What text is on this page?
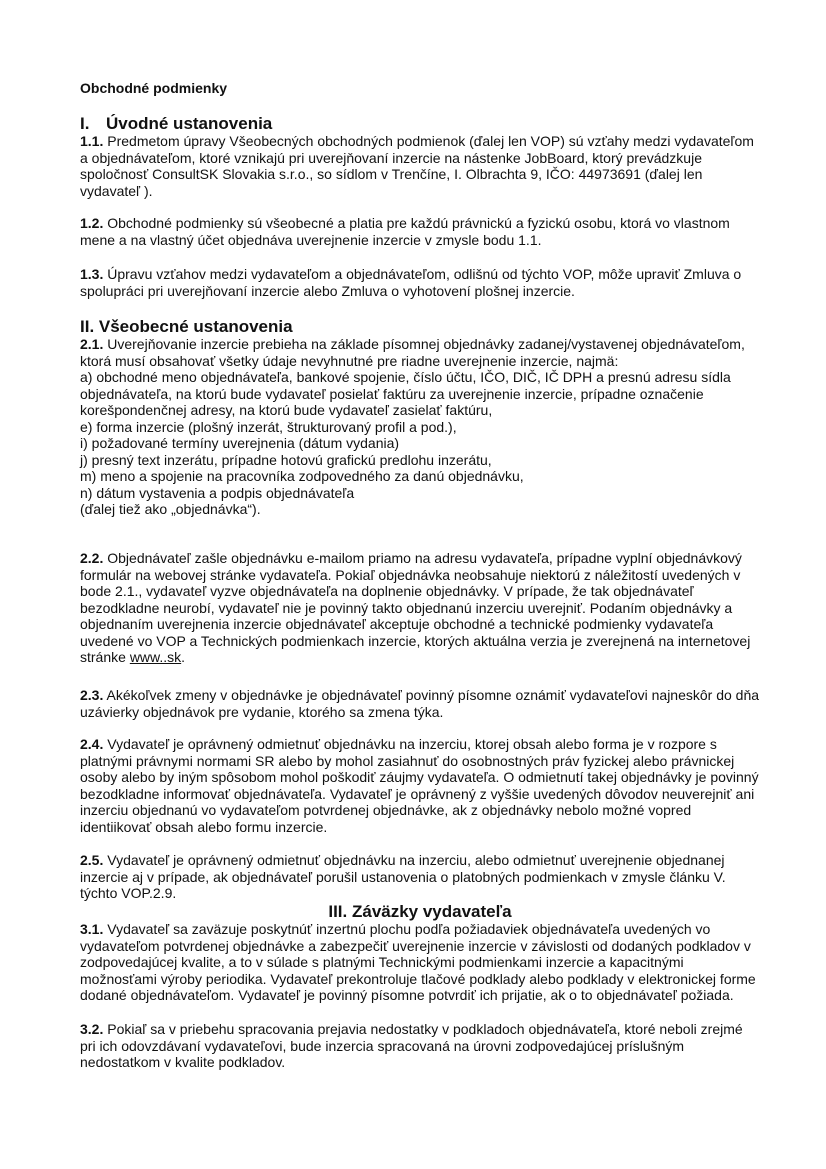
Obchodné podmienky
I. Úvodné ustanovenia
1.1. Predmetom úpravy Všeobecných obchodných podmienok (ďalej len VOP) sú vzťahy medzi vydavateľom a objednávateľom, ktoré vznikajú pri uverejňovaní inzercie na nástenke JobBoard, ktorý prevádzkuje spoločnosť ConsultSK Slovakia s.r.o., so sídlom v Trenčíne, I. Olbrachta 9, IČO: 44973691 (ďalej len vydavateľ ).
1.2. Obchodné podmienky sú všeobecné a platia pre každú právnickú a fyzickú osobu, ktorá vo vlastnom mene a na vlastný účet objednáva uverejnenie inzercie v zmysle bodu 1.1.
1.3. Úpravu vzťahov medzi vydavateľom a objednávateľom, odlišnú od týchto VOP, môže upraviť Zmluva o spolupráci pri uverejňovaní inzercie alebo Zmluva o vyhotovení plošnej inzercie.
II. Všeobecné ustanovenia
2.1. Uverejňovanie inzercie prebieha na základe písomnej objednávky zadanej/vystavenej objednávateľom, ktorá musí obsahovať všetky údaje nevyhnutné pre riadne uverejnenie inzercie, najmä:
a) obchodné meno objednávateľa, bankové spojenie, číslo účtu, IČO, DIČ, IČ DPH a presnú adresu sídla objednávateľa, na ktorú bude vydavateľ posielať faktúru za uverejnenie inzercie, prípadne označenie korešpondenčnej adresy, na ktorú bude vydavateľ zasielať faktúru,
e) forma inzercie (plošný inzerát, štrukturovaný profil a pod.),
i) požadované termíny uverejnenia (dátum vydania)
j) presný text inzerátu, prípadne hotovú grafickú predlohu inzerátu,
m) meno a spojenie na pracovníka zodpovedného za danú objednávku,
n) dátum vystavenia a podpis objednávateľa
(ďalej tiež ako „objednávka“).
2.2. Objednávateľ zašle objednávku e-mailom priamo na adresu vydavateľa, prípadne vyplní objednávkový formulár na webovej stránke vydavateľa. Pokiaľ objednávka neobsahuje niektorú z náležitostí uvedených v bode 2.1., vydavateľ vyzve objednávateľa na doplnenie objednávky. V prípade, že tak objednávateľ bezodkladne neurobí, vydavateľ nie je povinný takto objednanú inzerciu uverejniť. Podaním objednávky a objednaním uverejnenia inzercie objednávateľ akceptuje obchodné a technické podmienky vydavateľa uvedené vo VOP a Technických podmienkach inzercie, ktorých aktuálna verzia je zverejnená na internetovej stránke www..sk.
2.3. Akékoľvek zmeny v objednávke je objednávateľ povinný písomne oznámiť vydavateľovi najneskôr do dňa uzávierky objednávok pre vydanie, ktorého sa zmena týka.
2.4. Vydavateľ je oprávnený odmietnuť objednávku na inzerciu, ktorej obsah alebo forma je v rozpore s platnými právnymi normami SR alebo by mohol zasiahnuť do osobnostných práv fyzickej alebo právnickej osoby alebo by iným spôsobom mohol poškodiť záujmy vydavateľa. O odmietnutí takej objednávky je povinný bezodkladne informovať objednávateľa. Vydavateľ je oprávnený z vyššie uvedených dôvodov neuverejniť ani inzerciu objednanú vo vydavateľom potvrdenej objednávke, ak z objednávky nebolo možné vopred identiikovať obsah alebo formu inzercie.
2.5. Vydavateľ je oprávnený odmietnuť objednávku na inzerciu, alebo odmietnuť uverejnenie objednanej inzercie aj v prípade, ak objednávateľ porušil ustanovenia o platobných podmienkach v zmysle článku V. týchto VOP.2.9.
III. Záväzky vydavateľa
3.1. Vydavateľ sa zaväzuje poskytnúť inzertnú plochu podľa požiadaviek objednávateľa uvedených vo vydavateľom potvrdenej objednávke a zabezpečiť uverejnenie inzercie v závislosti od dodaných podkladov v zodpovedajúcej kvalite, a to v súlade s platnými Technickými podmienkami inzercie a kapacitnými možnosťami výroby periodika. Vydavateľ prekontroluje tlačové podklady alebo podklady v elektronickej forme dodané objednávateľom. Vydavateľ je povinný písomne potvrdiť ich prijatie, ak o to objednávateľ požiada.
3.2. Pokiaľ sa v priebehu spracovania prejavia nedostatky v podkladoch objednávateľa, ktoré neboli zrejmé pri ich odovzdávaní vydavateľovi, bude inzercia spracovaná na úrovni zodpovedajúcej príslušným nedostatkom v kvalite podkladov.
